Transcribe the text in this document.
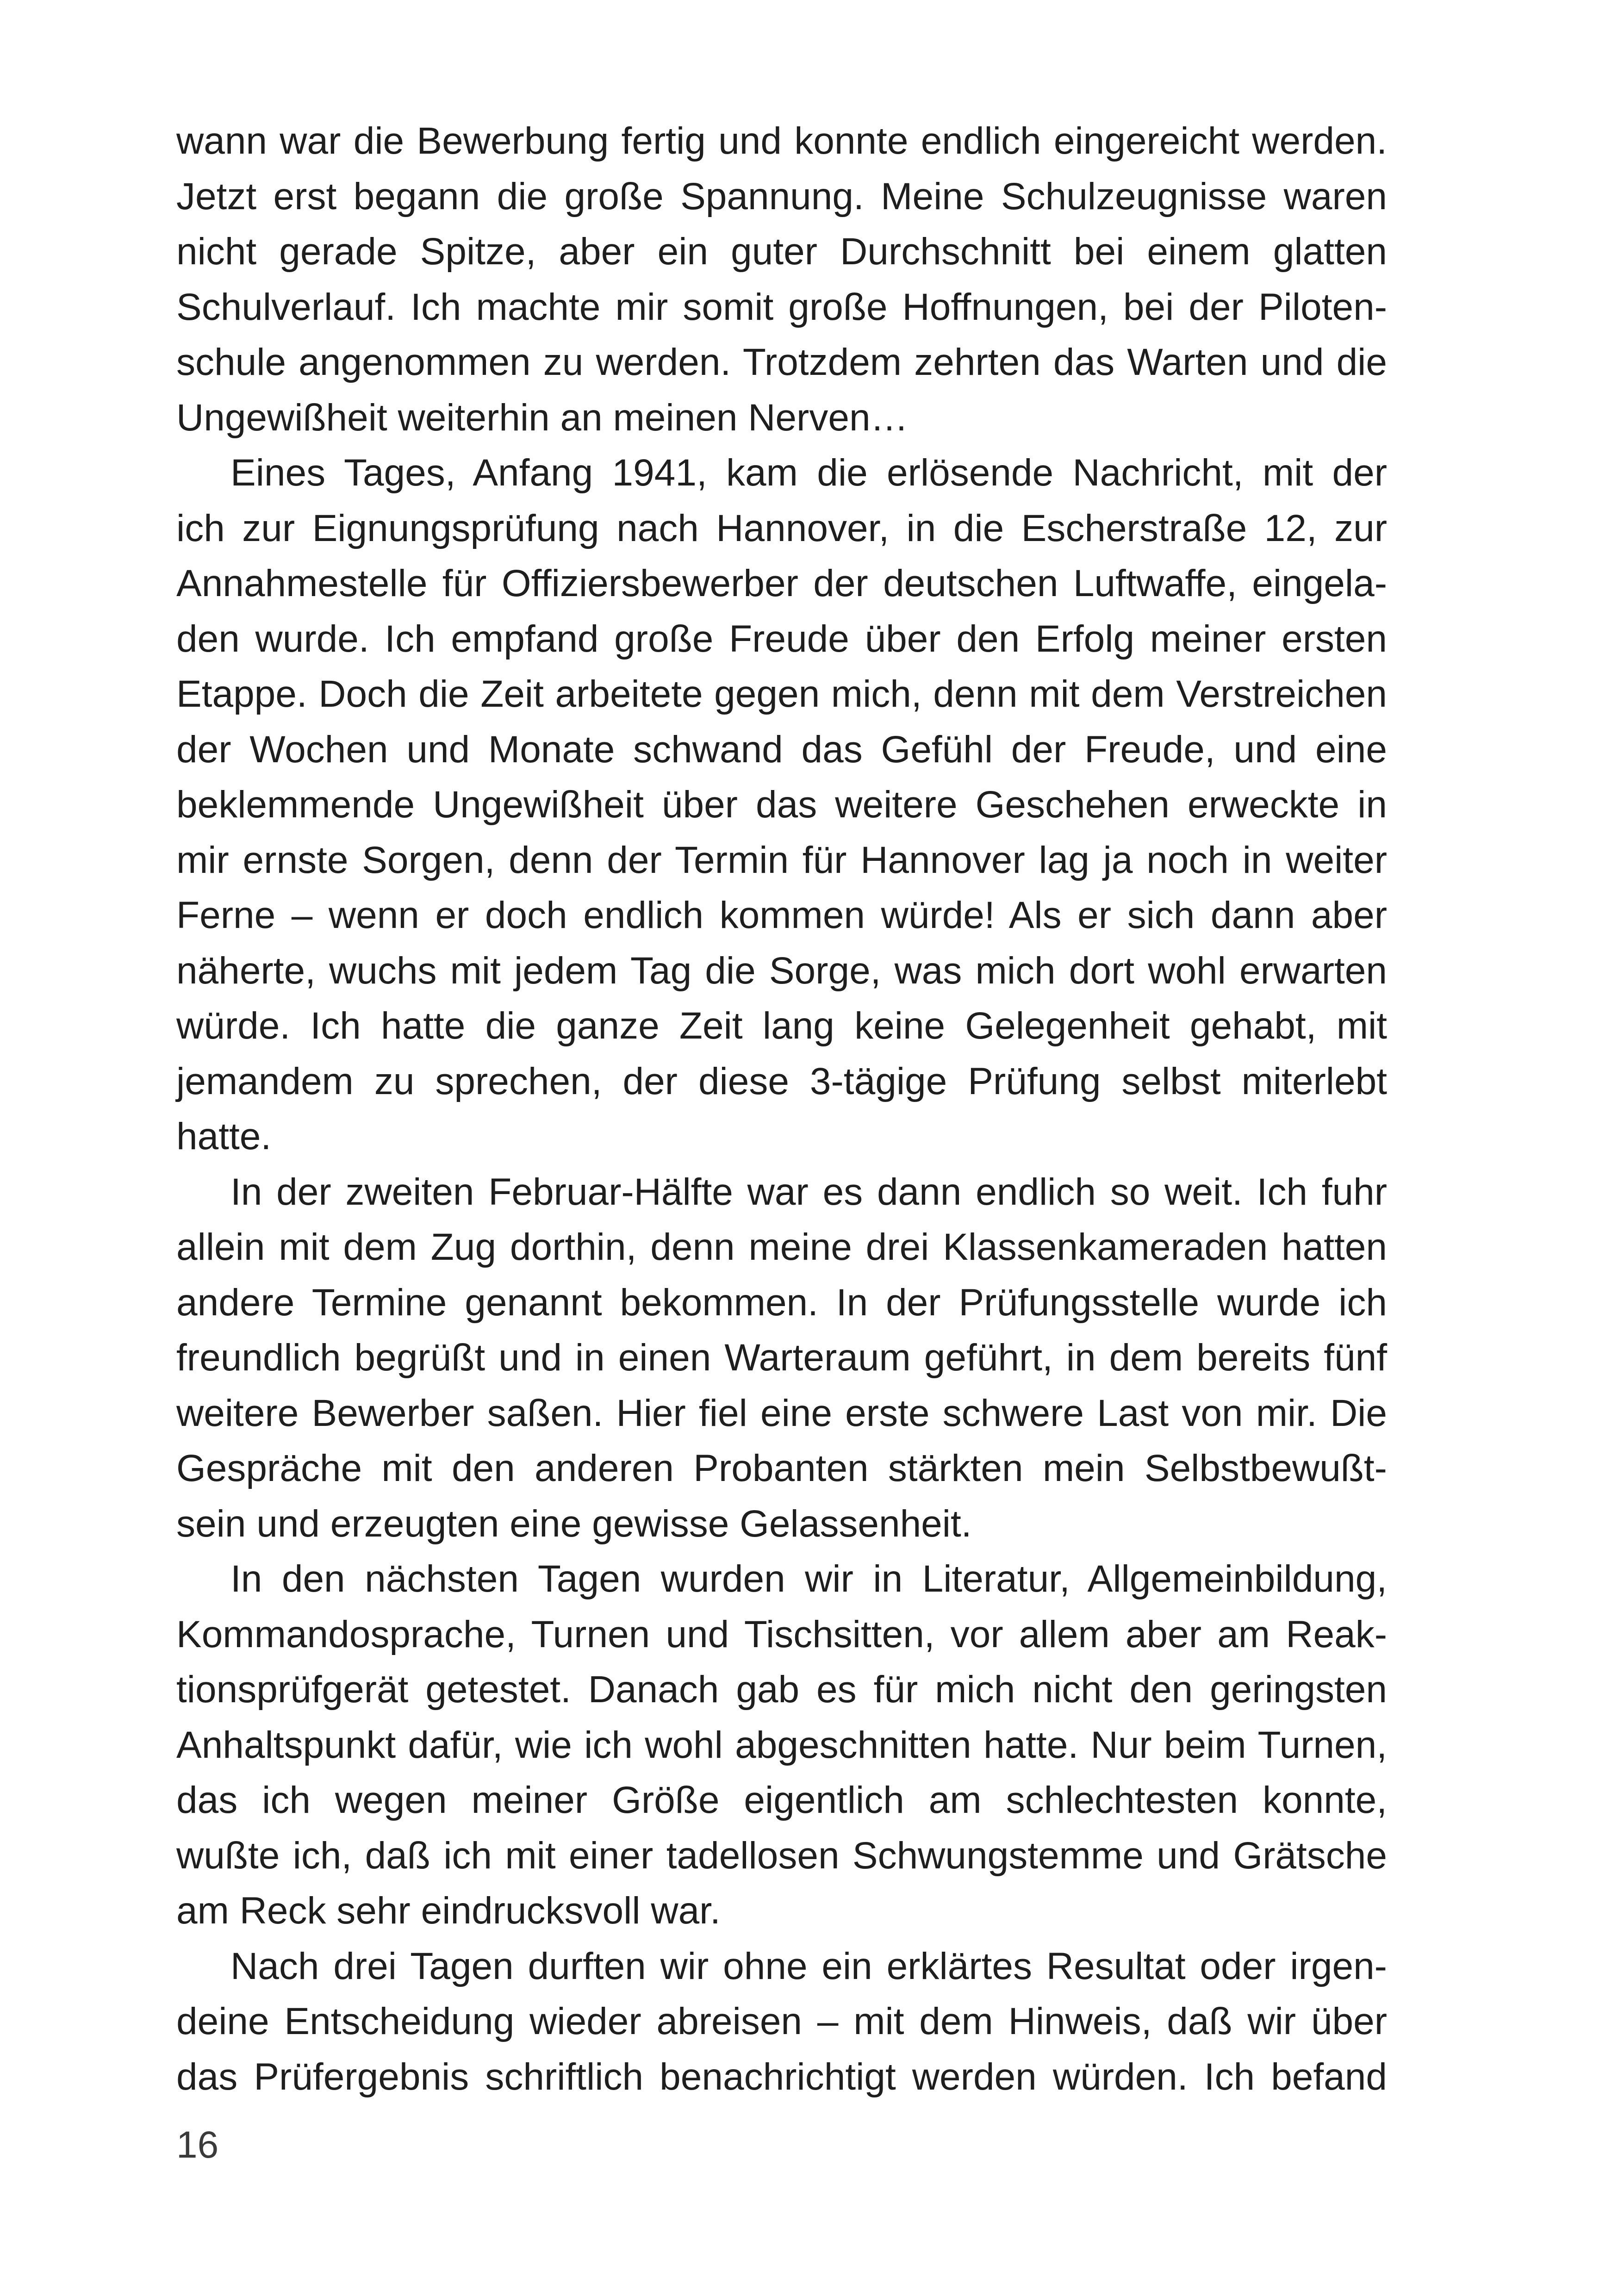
wann war die Bewerbung fertig und konnte endlich eingereicht werden.
Jetzt erst begann die große Spannung. Meine Schulzeugnisse waren
nicht gerade Spitze, aber ein guter Durchschnitt bei einem glatten
Schulverlauf. Ich machte mir somit große Hoffnungen, bei der Piloten-
schule angenommen zu werden. Trotzdem zehrten das Warten und die
Ungewißheit weiterhin an meinen Nerven…
Eines Tages, Anfang 1941, kam die erlösende Nachricht, mit der
ich zur Eignungsprüfung nach Hannover, in die Escherstraße 12, zur
Annahmestelle für Offiziersbewerber der deutschen Luftwaffe, eingela-
den wurde. Ich empfand große Freude über den Erfolg meiner ersten
Etappe. Doch die Zeit arbeitete gegen mich, denn mit dem Verstreichen
der Wochen und Monate schwand das Gefühl der Freude, und eine
beklemmende Ungewißheit über das weitere Geschehen erweckte in
mir ernste Sorgen, denn der Termin für Hannover lag ja noch in weiter
Ferne – wenn er doch endlich kommen würde! Als er sich dann aber
näherte, wuchs mit jedem Tag die Sorge, was mich dort wohl erwarten
würde. Ich hatte die ganze Zeit lang keine Gelegenheit gehabt, mit
jemandem zu sprechen, der diese 3-tägige Prüfung selbst miterlebt
hatte.
In der zweiten Februar-Hälfte war es dann endlich so weit. Ich fuhr
allein mit dem Zug dorthin, denn meine drei Klassenkameraden hatten
andere Termine genannt bekommen. In der Prüfungsstelle wurde ich
freundlich begrüßt und in einen Warteraum geführt, in dem bereits fünf
weitere Bewerber saßen. Hier fiel eine erste schwere Last von mir. Die
Gespräche mit den anderen Probanten stärkten mein Selbstbewußt-
sein und erzeugten eine gewisse Gelassenheit.
In den nächsten Tagen wurden wir in Literatur, Allgemeinbildung,
Kommandosprache, Turnen und Tischsitten, vor allem aber am Reak-
tionsprüfgerät getestet. Danach gab es für mich nicht den geringsten
Anhaltspunkt dafür, wie ich wohl abgeschnitten hatte. Nur beim Turnen,
das ich wegen meiner Größe eigentlich am schlechtesten konnte,
wußte ich, daß ich mit einer tadellosen Schwungstemme und Grätsche
am Reck sehr eindrucksvoll war.
Nach drei Tagen durften wir ohne ein erklärtes Resultat oder irgen-
deine Entscheidung wieder abreisen – mit dem Hinweis, daß wir über
das Prüfergebnis schriftlich benachrichtigt werden würden. Ich befand
16
